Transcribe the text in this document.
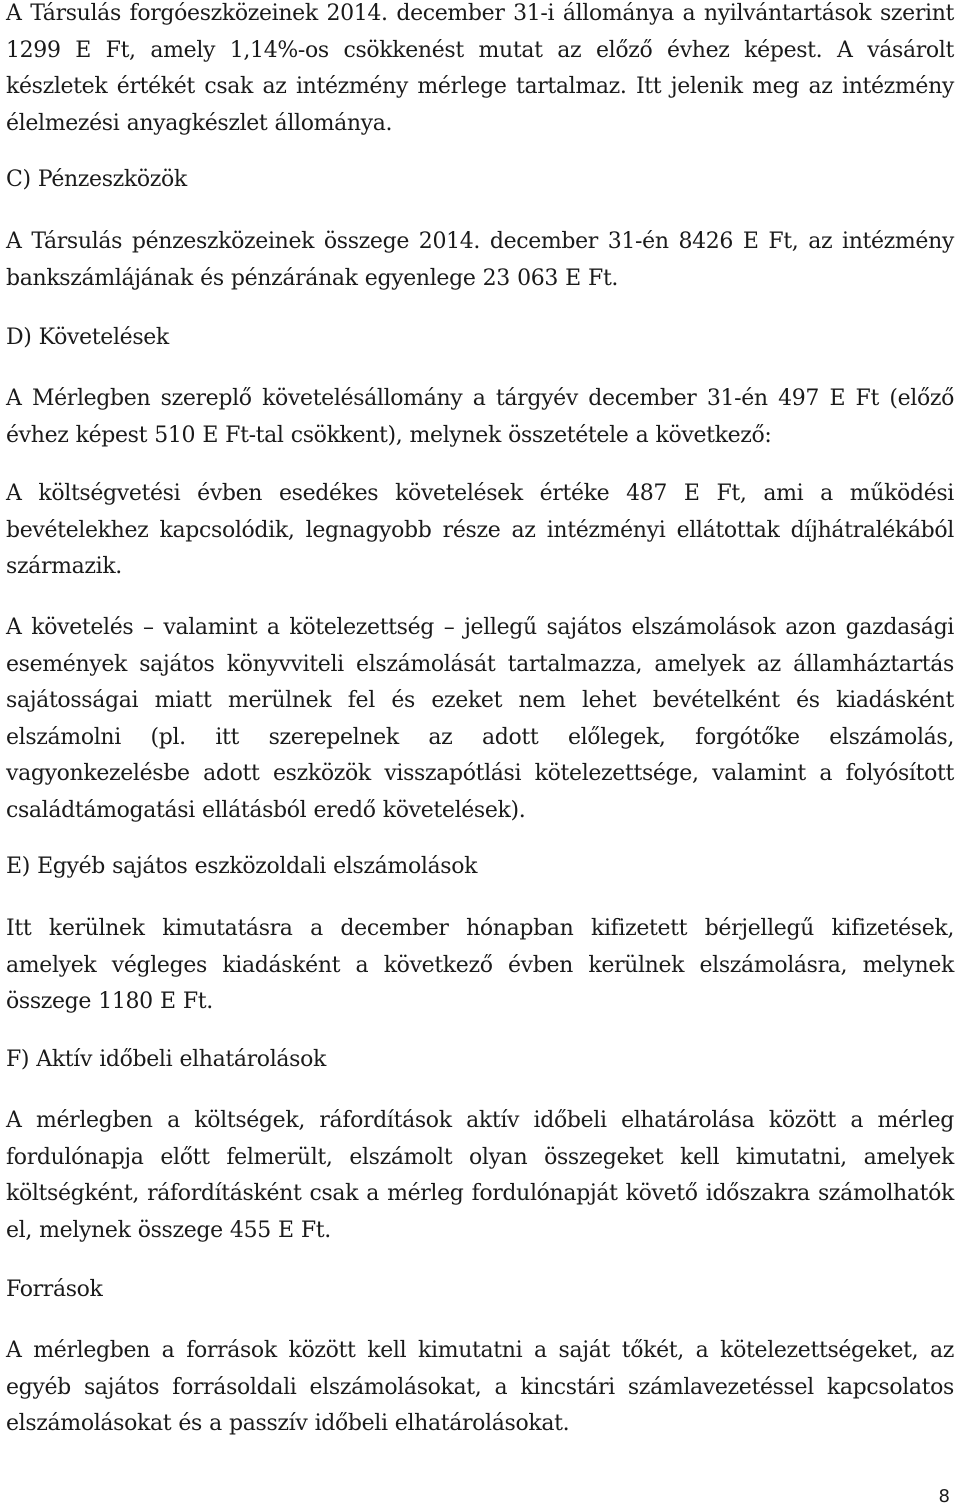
A Társulás forgóeszközeinek 2014. december 31-i állománya a nyilvántartások szerint 1299 E Ft, amely 1,14%-os csökkenést mutat az előző évhez képest. A vásárolt készletek értékét csak az intézmény mérlege tartalmaz. Itt jelenik meg az intézmény élelmezési anyagkészlet állománya.

C) Pénzeszközök

A Társulás pénzeszközeinek összege 2014. december 31-én 8426 E Ft, az intézmény bankszámlájának és pénzárának egyenlege 23 063 E Ft.

D) Követelések

A Mérlegben szereplő követelésállomány a tárgyév december 31-én 497 E Ft (előző évhez képest 510 E Ft-tal csökkent), melynek összetétele a következő:

A költségvetési évben esedékes követelések értéke 487 E Ft, ami a működési bevételekhez kapcsolódik, legnagyobb része az intézményi ellátottak díjhátralékából származik.

A követelés – valamint a kötelezettség – jellegű sajátos elszámolások azon gazdasági események sajátos könyvviteli elszámolását tartalmazza, amelyek az államháztartás sajátosságai miatt merülnek fel és ezeket nem lehet bevételként és kiadásként elszámolni (pl. itt szerepelnek az adott előlegek, forgótőke elszámolás, vagyonkezelésbe adott eszközök visszapótlási kötelezettsége, valamint a folyósított családtámogatási ellátásból eredő követelések).

E) Egyéb sajátos eszközoldali elszámolások

Itt kerülnek kimutatásra a december hónapban kifizetett bérjellegű kifizetések, amelyek végleges kiadásként a következő évben kerülnek elszámolásra, melynek összege 1180 E Ft.

F) Aktív időbeli elhatárolások

A mérlegben a költségek, ráfordítások aktív időbeli elhatárolása között a mérleg fordulónapja előtt felmerült, elszámolt olyan összegeket kell kimutatni, amelyek költségként, ráfordításként csak a mérleg fordulónapját követő időszakra számolhatók el, melynek összege 455 E Ft.

Források

A mérlegben a források között kell kimutatni a saját tőkét, a kötelezettségeket, az egyéb sajátos forrásoldali elszámolásokat, a kincstári számlavezetéssel kapcsolatos elszámolásokat és a passzív időbeli elhatárolásokat.

8
